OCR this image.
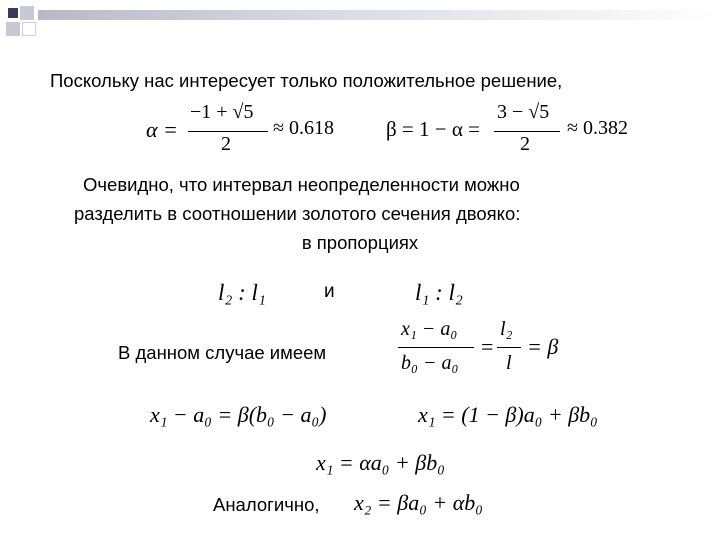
Поскольку нас интересует только положительное решение,
α =
−1 + √5
2
≈ 0.618 β = 1 − α =
3 − √5
2
≈ 0.382
Очевидно, что интервал неопределенности можно
разделить в соотношении золотого сечения двояко:
в пропорциях
l₂ : l₁	и	l₁ : l₂
В данном случае имеем
x₁ − a₀
b₀ − a₀
=
l₂
l
= β
x₁ − a₀ = β(b₀ − a₀)	x₁ = (1 − β)a₀ + βb₀
x₁ = αa₀ + βb₀
Аналогично, x₂ = βa₀ + αb₀
